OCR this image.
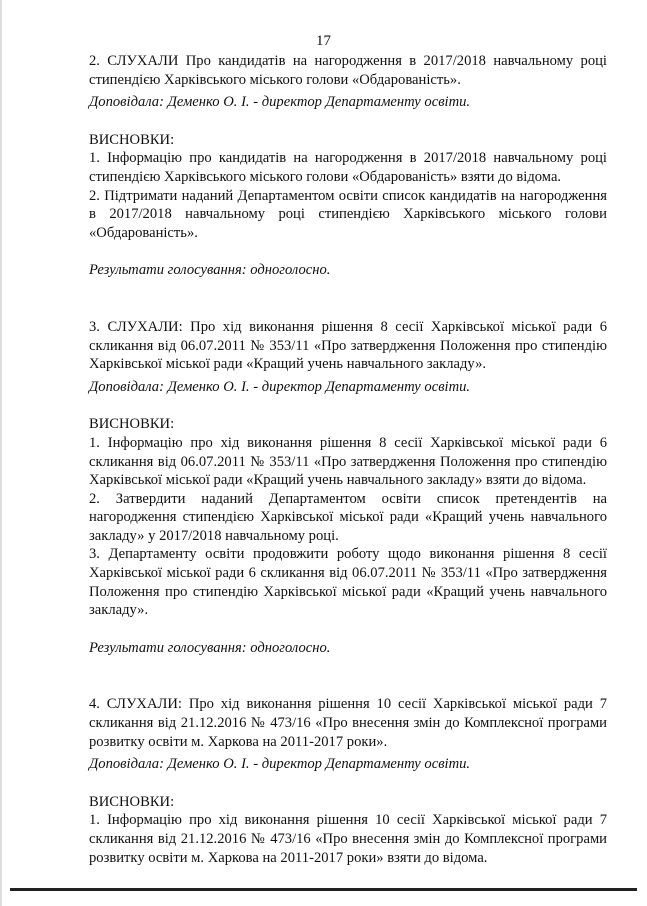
17

2. СЛУХАЛИ Про кандидатів на нагородження в 2017/2018 навчальному році стипендією Харківського міського голови «Обдарованість».

Доповідала: Деменко О. І. - директор Департаменту освіти.

ВИСНОВКИ:

1. Інформацію про кандидатів на нагородження в 2017/2018 навчальному році стипендією Харківського міського голови «Обдарованість» взяти до відома.

2. Підтримати наданий Департаментом освіти список кандидатів на нагородження в 2017/2018 навчальному році стипендією Харківського міського голови «Обдарованість».

Результати голосування: одноголосно.

3. СЛУХАЛИ: Про хід виконання рішення 8 сесії Харківської міської ради 6 скликання від 06.07.2011 № 353/11 «Про затвердження Положення про стипендію Харківської міської ради «Кращий учень навчального закладу».

Доповідала: Деменко О. І. - директор Департаменту освіти.

ВИСНОВКИ:

1. Інформацію про хід виконання рішення 8 сесії Харківської міської ради 6 скликання від 06.07.2011 № 353/11 «Про затвердження Положення про стипендію Харківської міської ради «Кращий учень навчального закладу» взяти до відома.

2. Затвердити наданий Департаментом освіти список претендентів на нагородження стипендією Харківської міської ради «Кращий учень навчального закладу» у 2017/2018 навчальному році.

3. Департаменту освіти продовжити роботу щодо виконання рішення 8 сесії Харківської міської ради 6 скликання від 06.07.2011 № 353/11 «Про затвердження Положення про стипендію Харківської міської ради «Кращий учень навчального закладу».

Результати голосування: одноголосно.

4. СЛУХАЛИ: Про хід виконання рішення 10 сесії Харківської міської ради 7 скликання від 21.12.2016 № 473/16 «Про внесення змін до Комплексної програми розвитку освіти м. Харкова на 2011-2017 роки».

Доповідала: Деменко О. І. - директор Департаменту освіти.

ВИСНОВКИ:

1. Інформацію про хід виконання рішення 10 сесії Харківської міської ради 7 скликання від 21.12.2016 № 473/16 «Про внесення змін до Комплексної програми розвитку освіти м. Харкова на 2011-2017 роки» взяти до відома.
